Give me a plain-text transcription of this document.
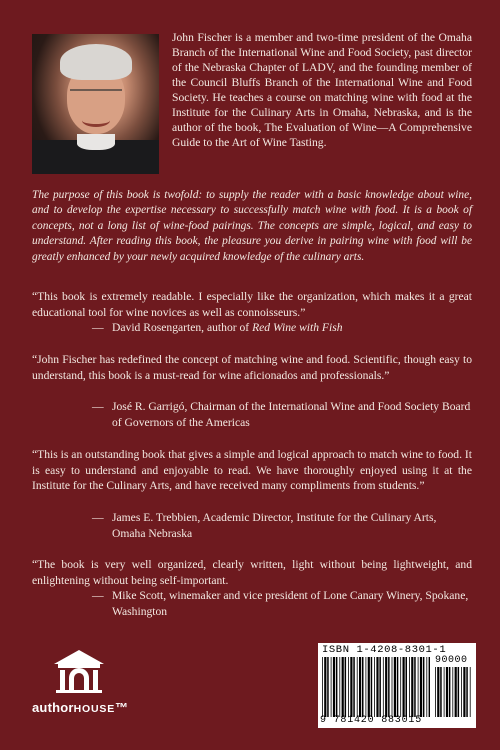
John Fischer is a member and two-time president of the Omaha Branch of the International Wine and Food Society, past director of the Nebraska Chapter of LADV, and the founding member of the Council Bluffs Branch of the International Wine and Food Society. He teaches a course on matching wine with food at the Institute for the Culinary Arts in Omaha, Nebraska, and is the author of the book, The Evaluation of Wine—A Comprehensive Guide to the Art of Wine Tasting.

The purpose of this book is twofold: to supply the reader with a basic knowledge about wine, and to develop the expertise necessary to successfully match wine with food. It is a book of concepts, not a long list of wine-food pairings. The concepts are simple, logical, and easy to understand. After reading this book, the pleasure you derive in pairing wine with food will be greatly enhanced by your newly acquired knowledge of the culinary arts.

“This book is extremely readable. I especially like the organization, which makes it a great educational tool for wine novices as well as connoisseurs.”

— David Rosengarten, author of Red Wine with Fish

“John Fischer has redefined the concept of matching wine and food. Scientific, though easy to understand, this book is a must-read for wine aficionados and professionals.”

— José R. Garrigó, Chairman of the International Wine and Food Society Board of Governors of the Americas

“This is an outstanding book that gives a simple and logical approach to match wine to food. It is easy to understand and enjoyable to read. We have thoroughly enjoyed using it at the Institute for the Culinary Arts, and have received many compliments from students.”

— James E. Trebbien, Academic Director, Institute for the Culinary Arts, Omaha Nebraska

“The book is very well organized, clearly written, light without being lightweight, and enlightening without being self-important.

— Mike Scott, winemaker and vice president of Lone Canary Winery, Spokane, Washington

authorHOUSE™
ISBN 1-4208-8301-1
90000
9 781420 883015
